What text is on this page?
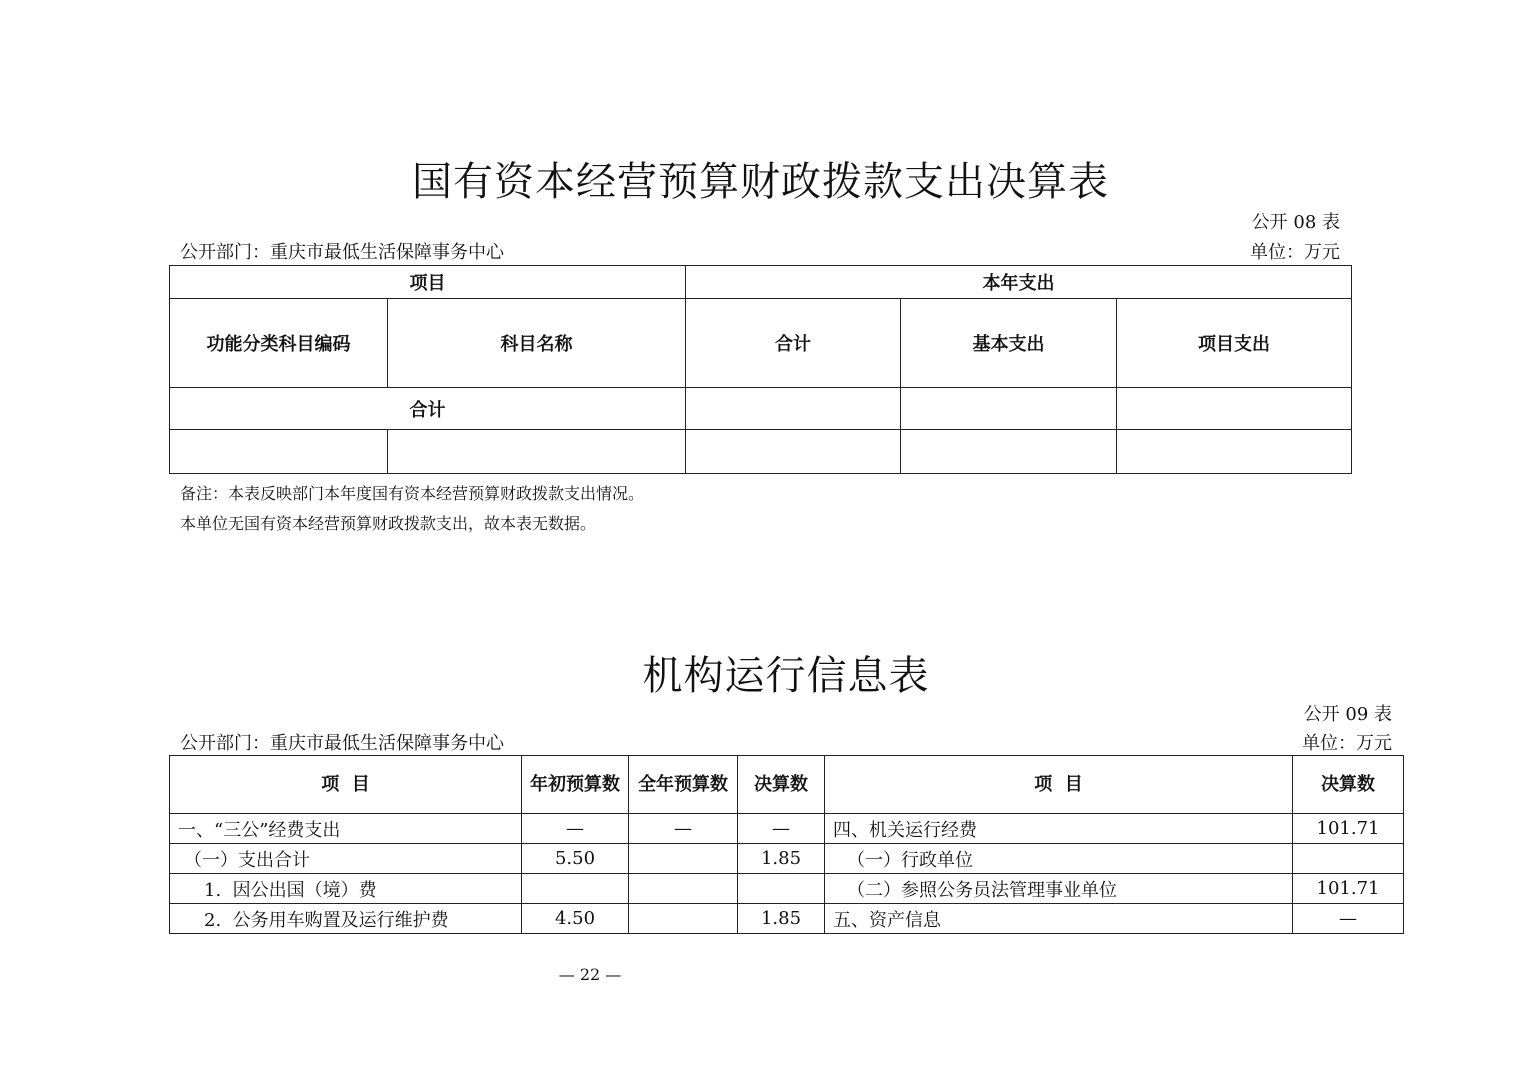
国有资本经营预算财政拨款支出决算表
公开 08 表
公开部门：重庆市最低生活保障事务中心	单位：万元
项目		本年支出		
功能分类科目编码	科目名称	合计	基本支出	项目支出
合计				

备注：本表反映部门本年度国有资本经营预算财政拨款支出情况。
本单位无国有资本经营预算财政拨款支出，故本表无数据。
机构运行信息表
公开 09 表
公开部门：重庆市最低生活保障事务中心	单位：万元
项  目	年初预算数	全年预算数	决算数	项  目	决算数
一、“三公”经费支出	—	—	—	四、机关运行经费	101.71
（一）支出合计	5.50		1.85	（一）行政单位	
1.  因公出国（境）费				（二）参照公务员法管理事业单位	101.71
2.  公务用车购置及运行维护费	4.50		1.85	五、资产信息	—
— 22 —
